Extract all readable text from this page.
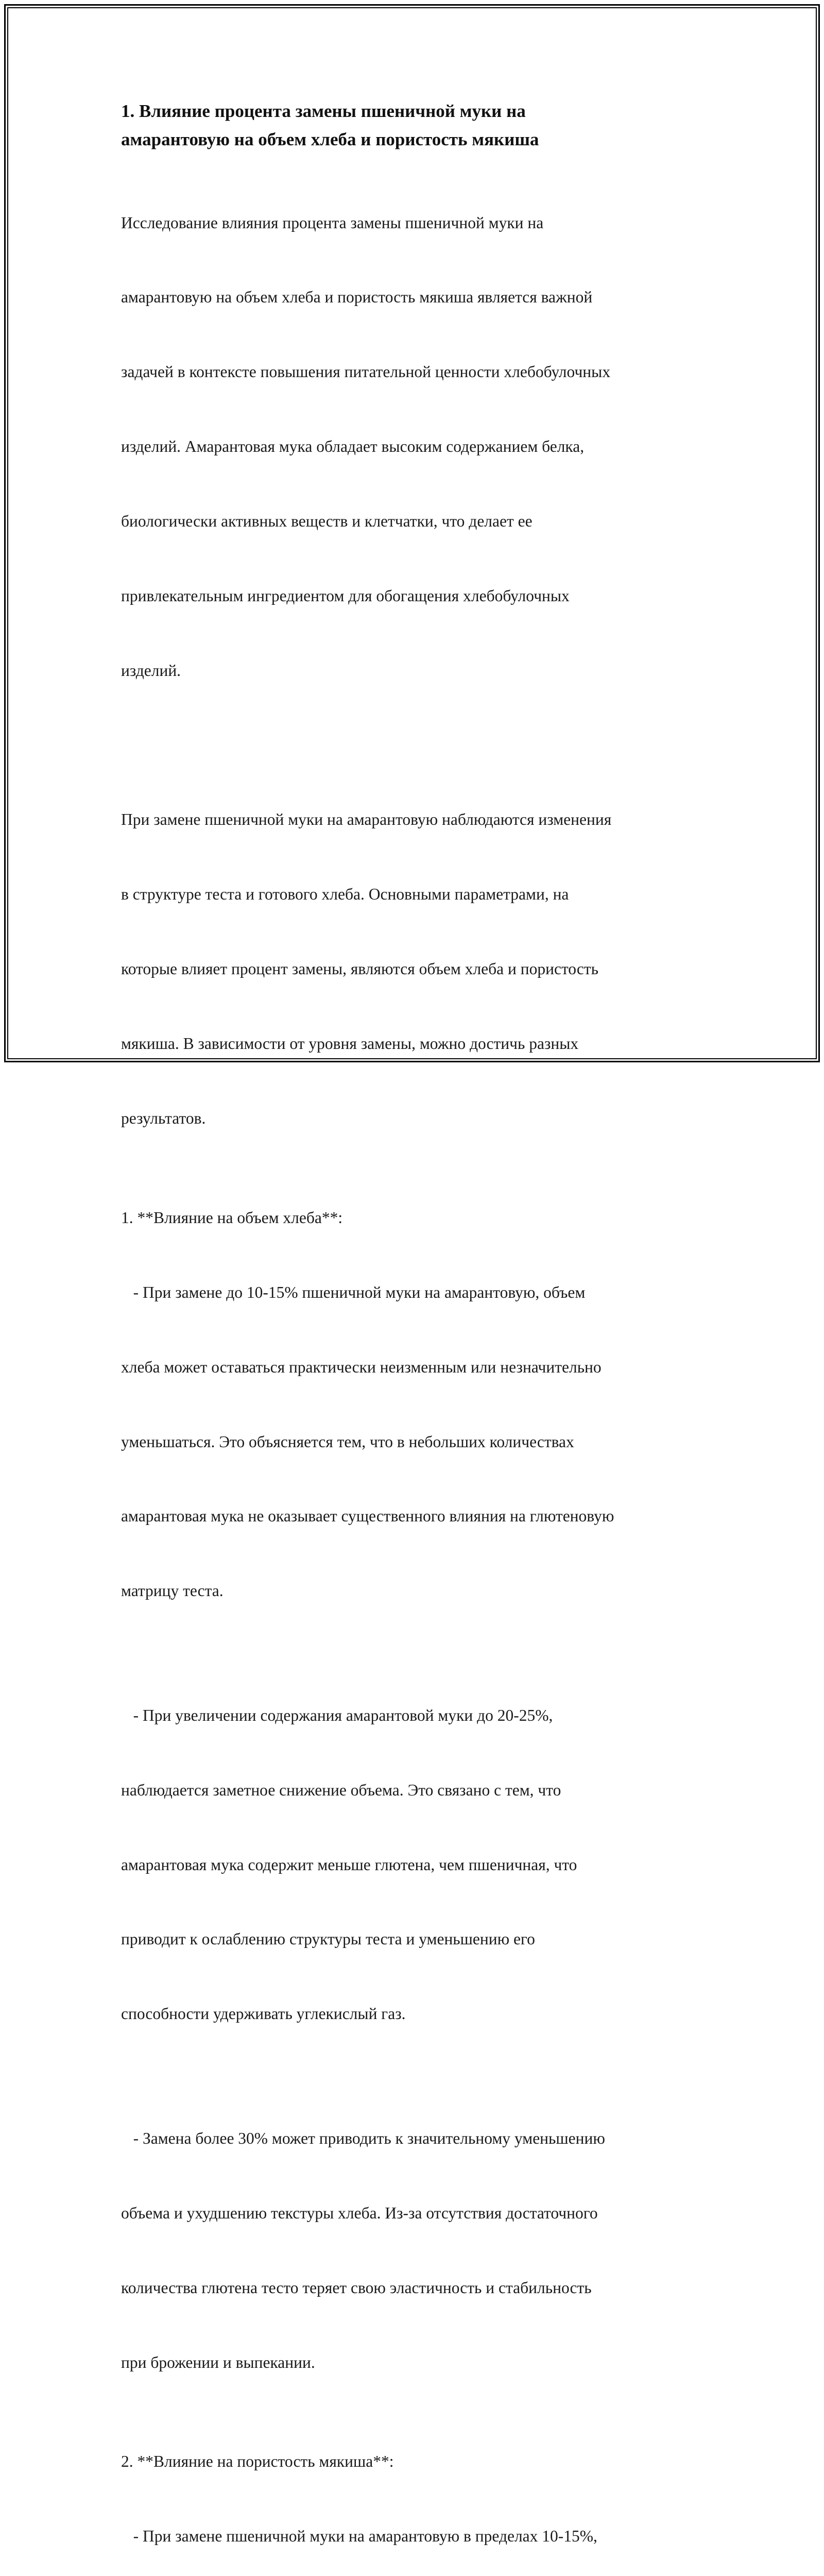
1. Влияние процента замены пшеничной муки на
амарантовую на объем хлеба и пористость мякиша

Исследование влияния процента замены пшеничной муки на

амарантовую на объем хлеба и пористость мякиша является важной

задачей в контексте повышения питательной ценности хлебобулочных

изделий. Амарантовая мука обладает высоким содержанием белка,

биологически активных веществ и клетчатки, что делает ее

привлекательным ингредиентом для обогащения хлебобулочных

изделий.

При замене пшеничной муки на амарантовую наблюдаются изменения

в структуре теста и готового хлеба. Основными параметрами, на

которые влияет процент замены, являются объем хлеба и пористость

мякиша. В зависимости от уровня замены, можно достичь разных

результатов.

1. **Влияние на объем хлеба**:

- При замене до 10-15% пшеничной муки на амарантовую, объем

хлеба может оставаться практически неизменным или незначительно

уменьшаться. Это объясняется тем, что в небольших количествах

амарантовая мука не оказывает существенного влияния на глютеновую

матрицу теста.

- При увеличении содержания амарантовой муки до 20-25%,

наблюдается заметное снижение объема. Это связано с тем, что

амарантовая мука содержит меньше глютена, чем пшеничная, что

приводит к ослаблению структуры теста и уменьшению его

способности удерживать углекислый газ.

- Замена более 30% может приводить к значительному уменьшению

объема и ухудшению текстуры хлеба. Из-за отсутствия достаточного

количества глютена тесто теряет свою эластичность и стабильность

при брожении и выпекании.

2. **Влияние на пористость мякиша**:

- При замене пшеничной муки на амарантовую в пределах 10-15%,
